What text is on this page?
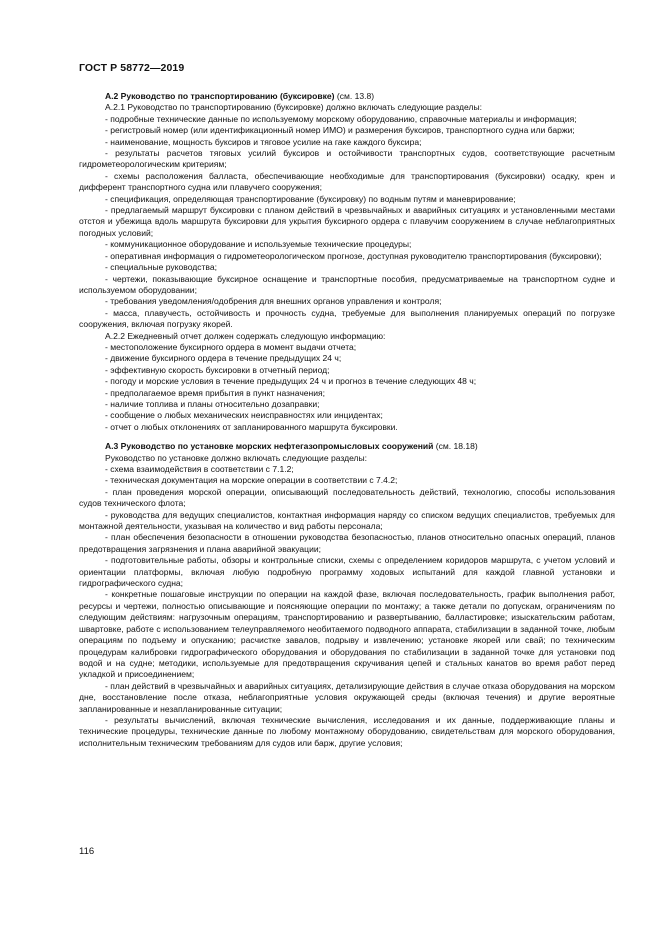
ГОСТ Р 58772—2019

А.2 Руководство по транспортированию (буксировке) (см. 13.8)

А.2.1 Руководство по транспортированию (буксировке) должно включать следующие разделы:

- подробные технические данные по используемому морскому оборудованию, справочные материалы и информация;

- регистровый номер (или идентификационный номер ИМО) и размерения буксиров, транспортного судна или баржи;

- наименование, мощность буксиров и тяговое усилие на гаке каждого буксира;

- результаты расчетов тяговых усилий буксиров и остойчивости транспортных судов, соответствующие расчетным гидрометеорологическим критериям;

- схемы расположения балласта, обеспечивающие необходимые для транспортирования (буксировки) осадку, крен и дифферент транспортного судна или плавучего сооружения;

- спецификация, определяющая транспортирование (буксировку) по водным путям и маневрирование;

- предлагаемый маршрут буксировки с планом действий в чрезвычайных и аварийных ситуациях и установленными местами отстоя и убежища вдоль маршрута буксировки для укрытия буксирного ордера с плавучим сооружением в случае неблагоприятных погодных условий;

- коммуникационное оборудование и используемые технические процедуры;

- оперативная информация о гидрометеорологическом прогнозе, доступная руководителю транспортирования (буксировки);

- специальные руководства;

- чертежи, показывающие буксирное оснащение и транспортные пособия, предусматриваемые на транспортном судне и используемом оборудовании;

- требования уведомления/одобрения для внешних органов управления и контроля;

- масса, плавучесть, остойчивость и прочность судна, требуемые для выполнения планируемых операций по погрузке сооружения, включая погрузку якорей.

А.2.2 Ежедневный отчет должен содержать следующую информацию:

- местоположение буксирного ордера в момент выдачи отчета;

- движение буксирного ордера в течение предыдущих 24 ч;

- эффективную скорость буксировки в отчетный период;

- погоду и морские условия в течение предыдущих 24 ч и прогноз в течение следующих 48 ч;

- предполагаемое время прибытия в пункт назначения;

- наличие топлива и планы относительно дозаправки;

- сообщение о любых механических неисправностях или инцидентах;

- отчет о любых отклонениях от запланированного маршрута буксировки.

А.3 Руководство по установке морских нефтегазопромысловых сооружений (см. 18.18)

Руководство по установке должно включать следующие разделы:

- схема взаимодействия в соответствии с 7.1.2;

- техническая документация на морские операции в соответствии с 7.4.2;

- план проведения морской операции, описывающий последовательность действий, технологию, способы использования судов технического флота;

- руководства для ведущих специалистов, контактная информация наряду со списком ведущих специалистов, требуемых для монтажной деятельности, указывая на количество и вид работы персонала;

- план обеспечения безопасности в отношении руководства безопасностью, планов относительно опасных операций, планов предотвращения загрязнения и плана аварийной эвакуации;

- подготовительные работы, обзоры и контрольные списки, схемы с определением коридоров маршрута, с учетом условий и ориентации платформы, включая любую подробную программу ходовых испытаний для каждой главной установки и гидрографического судна;

- конкретные пошаговые инструкции по операции на каждой фазе, включая последовательность, график выполнения работ, ресурсы и чертежи, полностью описывающие и поясняющие операции по монтажу; а также детали по допускам, ограничениям по следующим действиям: нагрузочным операциям, транспортированию и развертыванию, балластировке; изыскательским работам, швартовке, работе с использованием телеуправляемого необитаемого подводного аппарата, стабилизации в заданной точке, любым операциям по подъему и опусканию; расчистке завалов, подрыву и извлечению; установке якорей или свай; по техническим процедурам калибровки гидрографического оборудования и оборудования по стабилизации в заданной точке для установки под водой и на судне; методики, используемые для предотвращения скручивания цепей и стальных канатов во время работ перед укладкой и присоединением;

- план действий в чрезвычайных и аварийных ситуациях, детализирующие действия в случае отказа оборудования на морском дне, восстановление после отказа, неблагоприятные условия окружающей среды (включая течения) и другие вероятные запланированные и незапланированные ситуации;

- результаты вычислений, включая технические вычисления, исследования и их данные, поддерживающие планы и технические процедуры, технические данные по любому монтажному оборудованию, свидетельствам для морского оборудования, исполнительным техническим требованиям для судов или барж, другие условия;

116
